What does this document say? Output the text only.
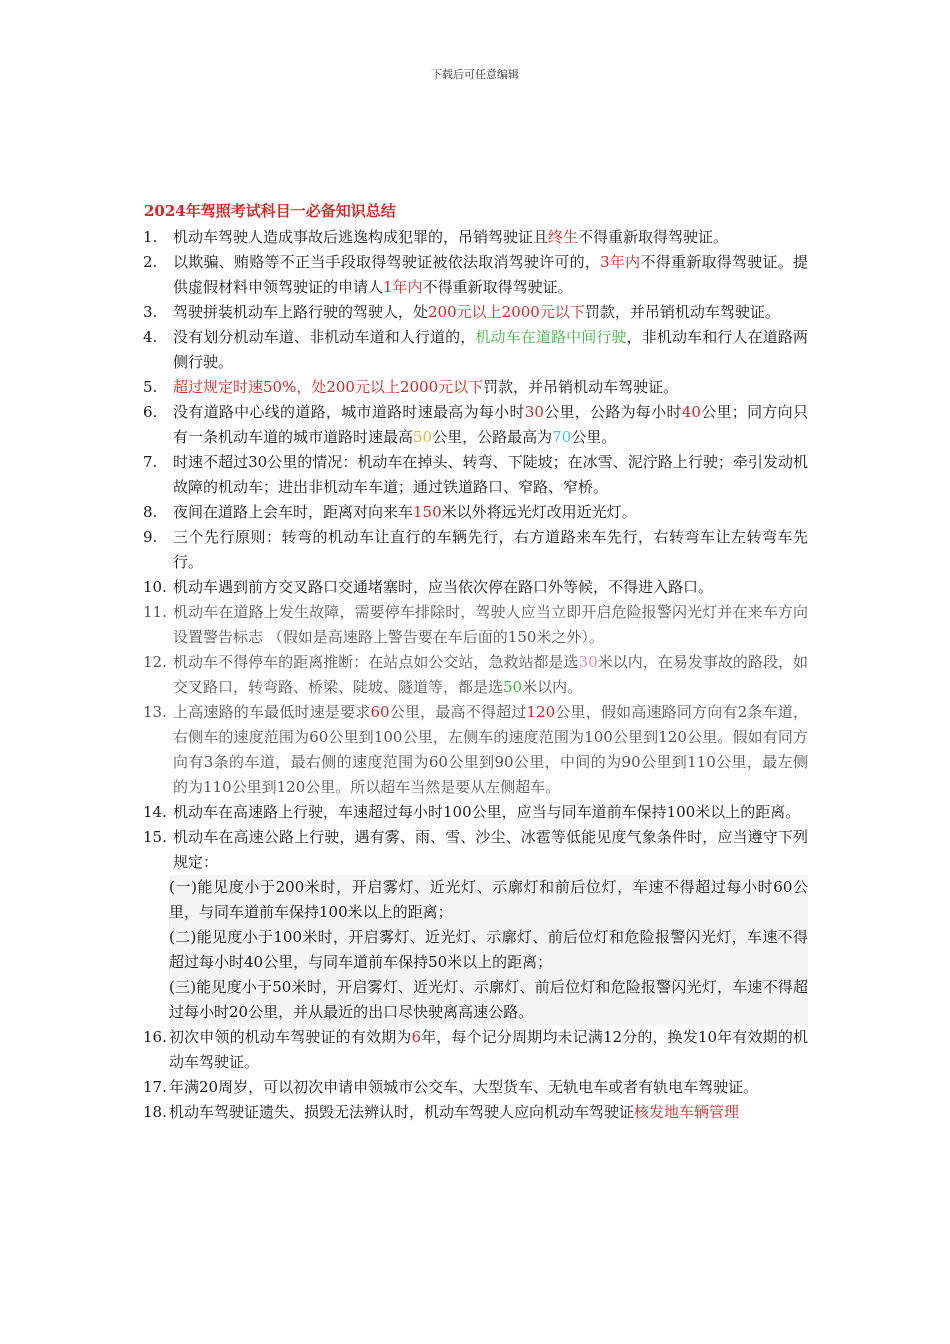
下载后可任意编辑
2024年驾照考试科目一必备知识总结
1.	机动车驾驶人造成事故后逃逸构成犯罪的，吊销驾驶证且终生不得重新取得驾驶证。
2.	以欺骗、贿赂等不正当手段取得驾驶证被依法取消驾驶许可的，3年内不得重新取得驾驶证。提供虚假材料申领驾驶证的申请人1年内不得重新取得驾驶证。
3.	驾驶拼装机动车上路行驶的驾驶人，处200元以上2000元以下罚款，并吊销机动车驾驶证。
4.	没有划分机动车道、非机动车道和人行道的，机动车在道路中间行驶，非机动车和行人在道路两侧行驶。
5.	超过规定时速50%，处200元以上2000元以下罚款，并吊销机动车驾驶证。
6.	没有道路中心线的道路，城市道路时速最高为每小时30公里，公路为每小时40公里；同方向只有一条机动车道的城市道路时速最高50公里，公路最高为70公里。
7.	时速不超过30公里的情况：机动车在掉头、转弯、下陡坡；在冰雪、泥泞路上行驶；牵引发动机故障的机动车；进出非机动车车道；通过铁道路口、窄路、窄桥。
8.	夜间在道路上会车时，距离对向来车150米以外将远光灯改用近光灯。
9.	三个先行原则：转弯的机动车让直行的车辆先行，右方道路来车先行，右转弯车让左转弯车先行。
10. 机动车遇到前方交叉路口交通堵塞时，应当依次停在路口外等候，不得进入路口。
11. 机动车在道路上发生故障，需要停车排除时，驾驶人应当立即开启危险报警闪光灯并在来车方向设置警告标志 （假如是高速路上警告要在车后面的150米之外）。
12. 机动车不得停车的距离推断：在站点如公交站，急救站都是选30米以内，在易发事故的路段，如交叉路口，转弯路、桥梁、陡坡、隧道等，都是选50米以内。
13. 上高速路的车最低时速是要求60公里，最高不得超过120公里，假如高速路同方向有2条车道，右侧车的速度范围为60公里到100公里，左侧车的速度范围为100公里到120公里。假如有同方向有3条的车道，最右侧的速度范围为60公里到90公里，中间的为90公里到110公里，最左侧的为110公里到120公里。所以超车当然是要从左侧超车。
14. 机动车在高速路上行驶，车速超过每小时100公里，应当与同车道前车保持100米以上的距离。
15. 机动车在高速公路上行驶，遇有雾、雨、雪、沙尘、冰雹等低能见度气象条件时，应当遵守下列规定：
(一)能见度小于200米时，开启雾灯、近光灯、示廓灯和前后位灯，车速不得超过每小时60公里，与同车道前车保持100米以上的距离；
(二)能见度小于100米时，开启雾灯、近光灯、示廓灯、前后位灯和危险报警闪光灯，车速不得超过每小时40公里，与同车道前车保持50米以上的距离；
(三)能见度小于50米时，开启雾灯、近光灯、示廓灯、前后位灯和危险报警闪光灯，车速不得超过每小时20公里，并从最近的出口尽快驶离高速公路。
16. 初次申领的机动车驾驶证的有效期为6年，每个记分周期均未记满12分的，换发10年有效期的机动车驾驶证。
17. 年满20周岁，可以初次申请申领城市公交车、大型货车、无轨电车或者有轨电车驾驶证。
18. 机动车驾驶证遗失、损毁无法辨认时，机动车驾驶人应向机动车驾驶证核发地车辆管理
